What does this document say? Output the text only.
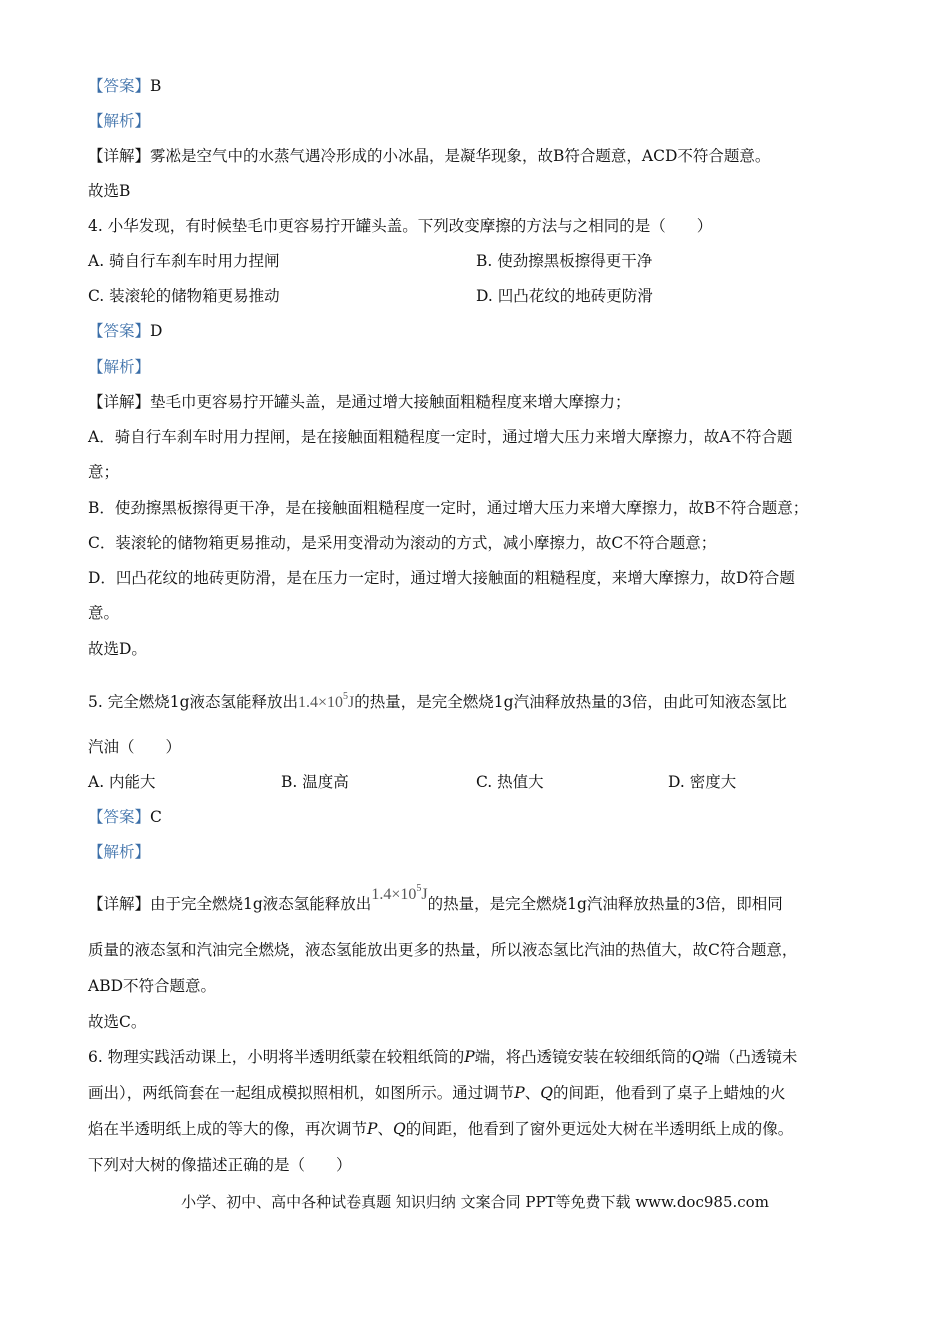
【答案】B
【解析】
【详解】雾凇是空气中的水蒸气遇冷形成的小冰晶，是凝华现象，故B符合题意，ACD不符合题意。
故选B
4. 小华发现，有时候垫毛巾更容易拧开罐头盖。下列改变摩擦的方法与之相同的是（　　）
A. 骑自行车刹车时用力捏闸	B. 使劲擦黑板擦得更干净
C. 装滚轮的储物箱更易推动	D. 凹凸花纹的地砖更防滑
【答案】D
【解析】
【详解】垫毛巾更容易拧开罐头盖，是通过增大接触面粗糙程度来增大摩擦力；
A．骑自行车刹车时用力捏闸，是在接触面粗糙程度一定时，通过增大压力来增大摩擦力，故A不符合题
意；
B．使劲擦黑板擦得更干净，是在接触面粗糙程度一定时，通过增大压力来增大摩擦力，故B不符合题意；
C．装滚轮的储物箱更易推动，是采用变滑动为滚动的方式，减小摩擦力，故C不符合题意；
D．凹凸花纹的地砖更防滑，是在压力一定时，通过增大接触面的粗糙程度，来增大摩擦力，故D符合题
意。
故选D。
5. 完全燃烧1g液态氢能释放出$1.4\times 10^5J$的热量，是完全燃烧1g汽油释放热量的3倍，由此可知液态氢比
汽油（　　）
A. 内能大	B. 温度高	C. 热值大	D. 密度大
【答案】C
【解析】
【详解】由于完全燃烧1g液态氢能释放出$1.4\times 10^5J$的热量，是完全燃烧1g汽油释放热量的3倍，即相同
质量的液态氢和汽油完全燃烧，液态氢能放出更多的热量，所以液态氢比汽油的热值大，故C符合题意，
ABD不符合题意。
故选C。
6. 物理实践活动课上，小明将半透明纸蒙在较粗纸筒的P端，将凸透镜安装在较细纸筒的Q端（凸透镜未
画出），两纸筒套在一起组成模拟照相机，如图所示。通过调节P、Q的间距，他看到了桌子上蜡烛的火
焰在半透明纸上成的等大的像，再次调节P、Q的间距，他看到了窗外更远处大树在半透明纸上成的像。
下列对大树的像描述正确的是（　　）
小学、初中、高中各种试卷真题 知识归纳 文案合同 PPT等免费下载 www.doc985.com
